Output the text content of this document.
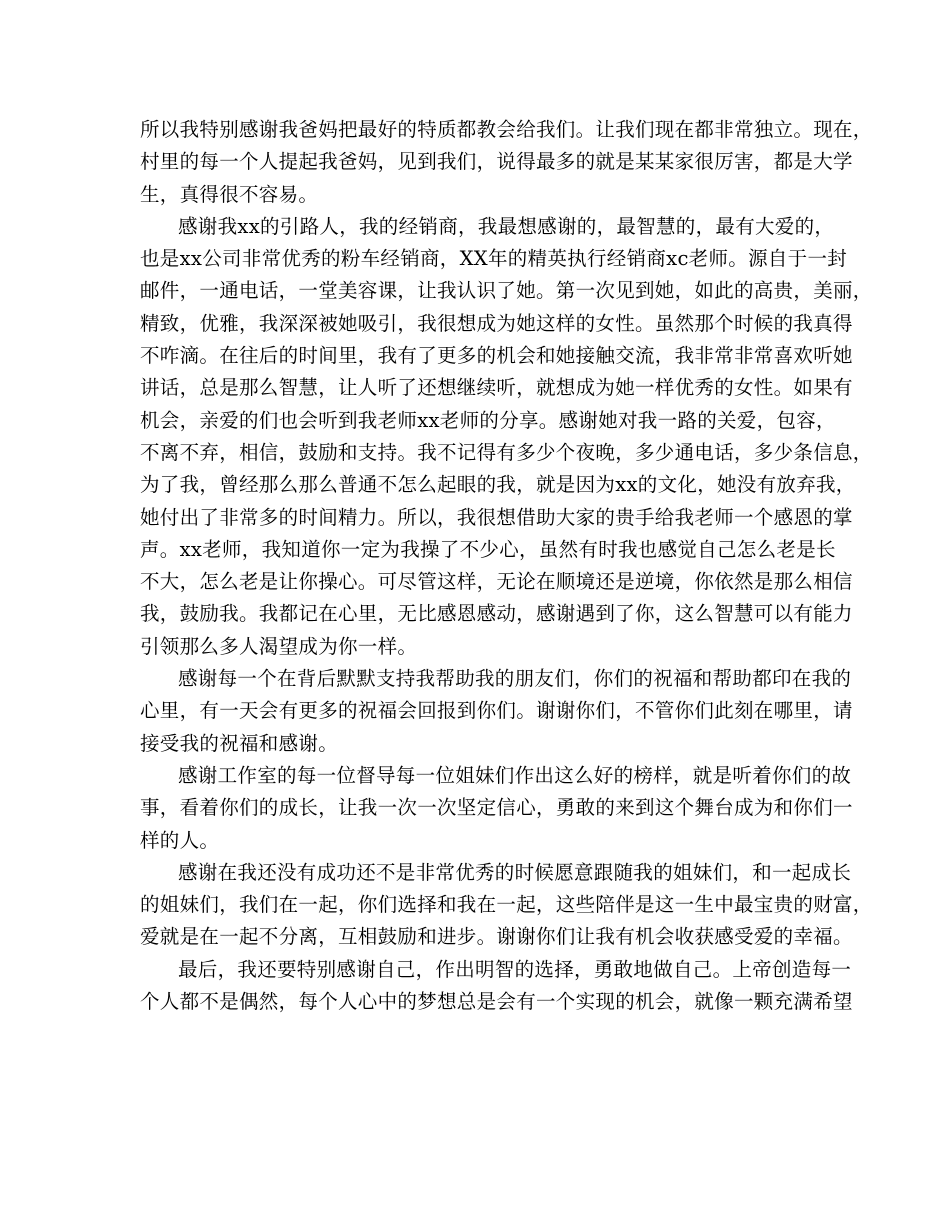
所以我特别感谢我爸妈把最好的特质都教会给我们。让我们现在都非常独立。现在，
村里的每一个人提起我爸妈，见到我们，说得最多的就是某某家很厉害，都是大学
生，真得很不容易。
感谢我xx的引路人，我的经销商，我最想感谢的，最智慧的，最有大爱的，
也是xx公司非常优秀的粉车经销商，XX年的精英执行经销商xc老师。源自于一封
邮件，一通电话，一堂美容课，让我认识了她。第一次见到她，如此的高贵，美丽，
精致，优雅，我深深被她吸引，我很想成为她这样的女性。虽然那个时候的我真得
不咋滴。在往后的时间里，我有了更多的机会和她接触交流，我非常非常喜欢听她
讲话，总是那么智慧，让人听了还想继续听，就想成为她一样优秀的女性。如果有
机会，亲爱的们也会听到我老师xx老师的分享。感谢她对我一路的关爱，包容，
不离不弃，相信，鼓励和支持。我不记得有多少个夜晚，多少通电话，多少条信息，
为了我，曾经那么那么普通不怎么起眼的我，就是因为xx的文化，她没有放弃我，
她付出了非常多的时间精力。所以，我很想借助大家的贵手给我老师一个感恩的掌
声。xx老师，我知道你一定为我操了不少心，虽然有时我也感觉自己怎么老是长
不大，怎么老是让你操心。可尽管这样，无论在顺境还是逆境，你依然是那么相信
我，鼓励我。我都记在心里，无比感恩感动，感谢遇到了你，这么智慧可以有能力
引领那么多人渴望成为你一样。
感谢每一个在背后默默支持我帮助我的朋友们，你们的祝福和帮助都印在我的
心里，有一天会有更多的祝福会回报到你们。谢谢你们，不管你们此刻在哪里，请
接受我的祝福和感谢。
感谢工作室的每一位督导每一位姐妹们作出这么好的榜样，就是听着你们的故
事，看着你们的成长，让我一次一次坚定信心，勇敢的来到这个舞台成为和你们一
样的人。
感谢在我还没有成功还不是非常优秀的时候愿意跟随我的姐妹们，和一起成长
的姐妹们，我们在一起，你们选择和我在一起，这些陪伴是这一生中最宝贵的财富，
爱就是在一起不分离，互相鼓励和进步。谢谢你们让我有机会收获感受爱的幸福。
最后，我还要特别感谢自己，作出明智的选择，勇敢地做自己。上帝创造每一
个人都不是偶然，每个人心中的梦想总是会有一个实现的机会，就像一颗充满希望
